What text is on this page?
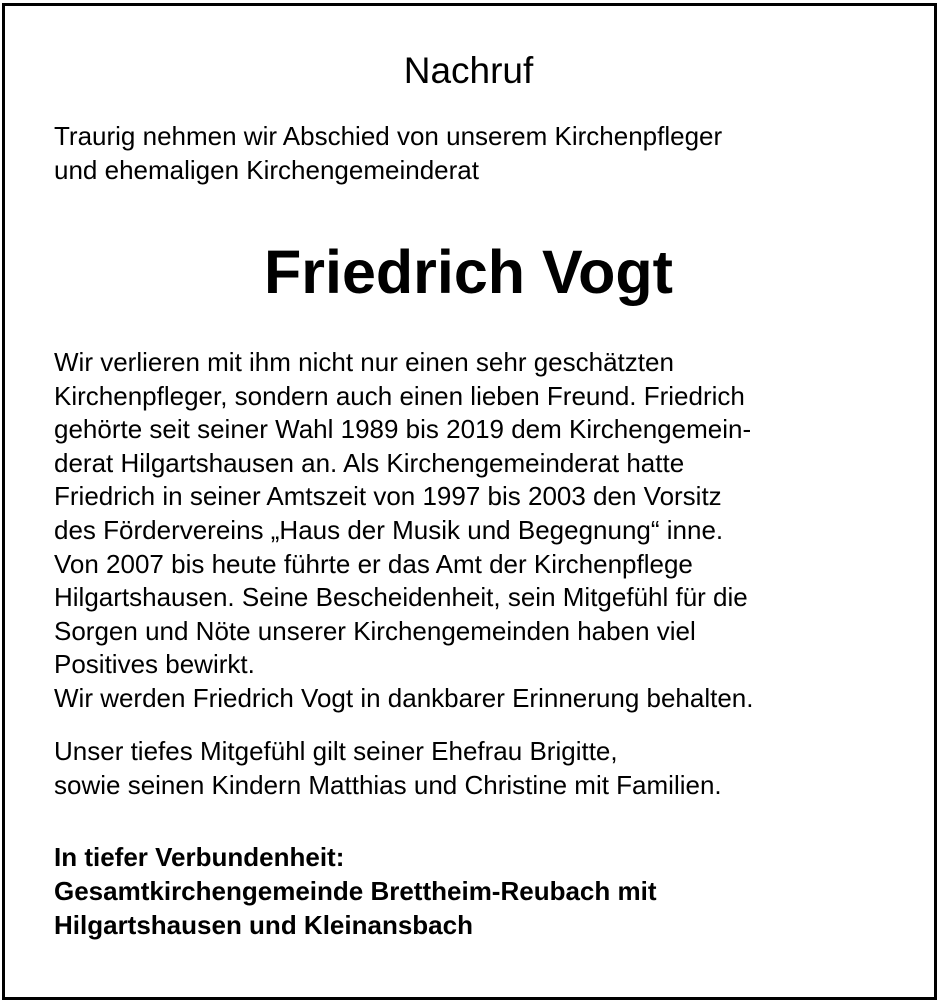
Nachruf
Traurig nehmen wir Abschied von unserem Kirchenpfleger
und ehemaligen Kirchengemeinderat
Friedrich Vogt
Wir verlieren mit ihm nicht nur einen sehr geschätzten
Kirchenpfleger, sondern auch einen lieben Freund. Friedrich
gehörte seit seiner Wahl 1989 bis 2019 dem Kirchengemein-
derat Hilgartshausen an. Als Kirchengemeinderat hatte
Friedrich in seiner Amtszeit von 1997 bis 2003 den Vorsitz
des Fördervereins „Haus der Musik und Begegnung“ inne.
Von 2007 bis heute führte er das Amt der Kirchenpflege
Hilgartshausen. Seine Bescheidenheit, sein Mitgefühl für die
Sorgen und Nöte unserer Kirchengemeinden haben viel
Positives bewirkt.
Wir werden Friedrich Vogt in dankbarer Erinnerung behalten.
Unser tiefes Mitgefühl gilt seiner Ehefrau Brigitte,
sowie seinen Kindern Matthias und Christine mit Familien.
In tiefer Verbundenheit:
Gesamtkirchengemeinde Brettheim-Reubach mit
Hilgartshausen und Kleinansbach
